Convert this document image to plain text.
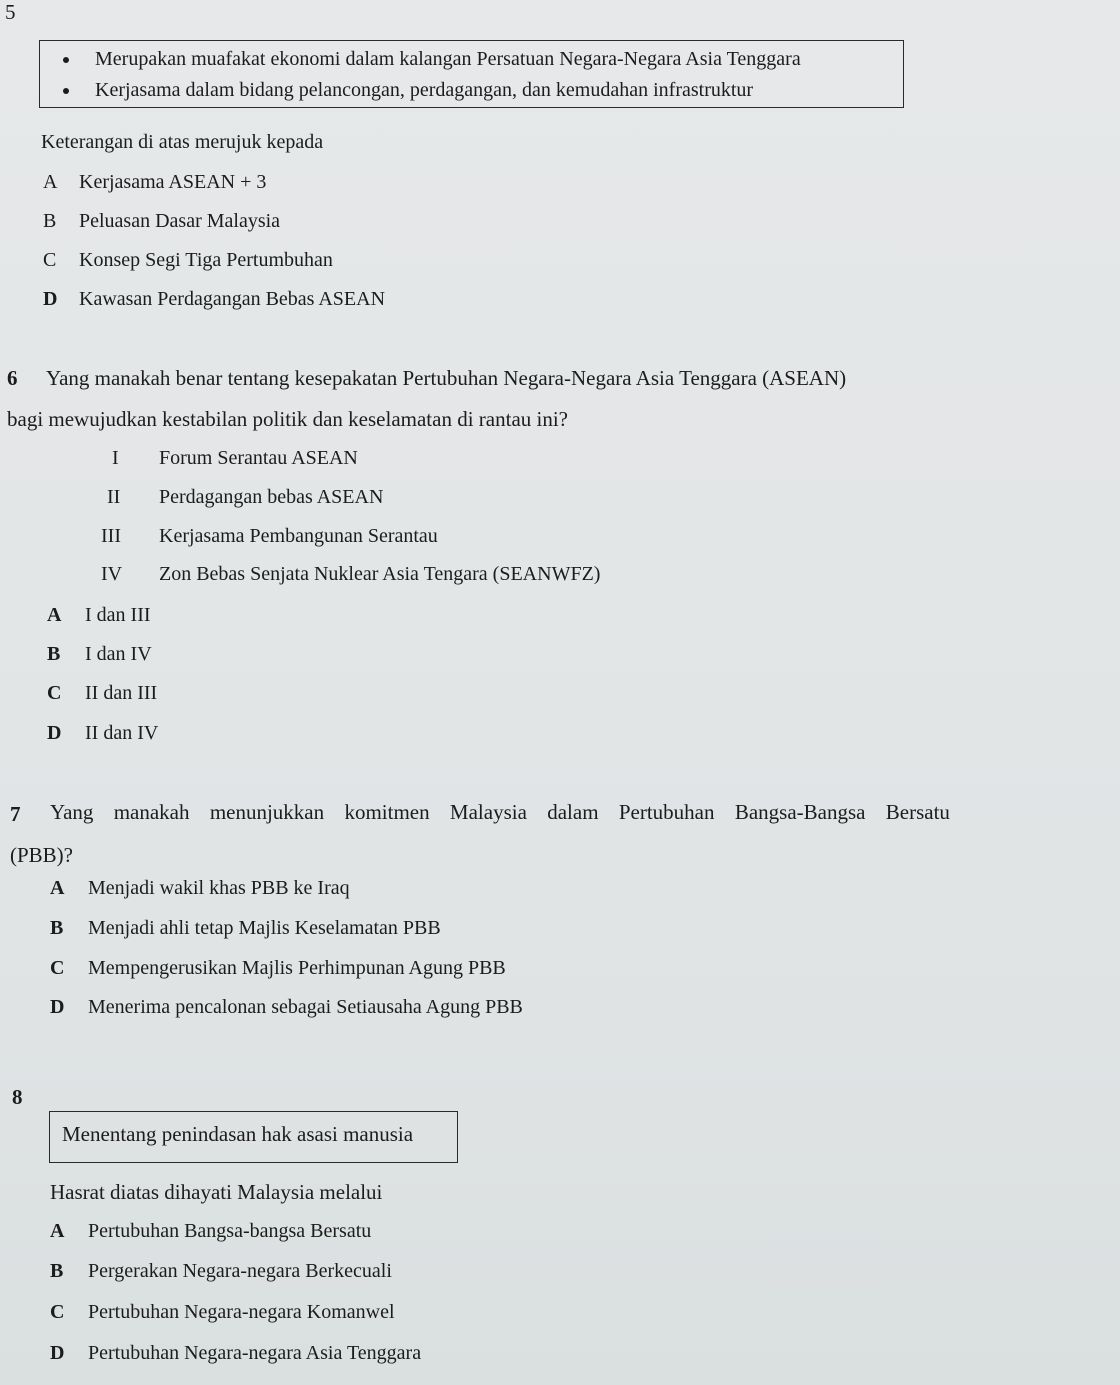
5
Merupakan muafakat ekonomi dalam kalangan Persatuan Negara-Negara Asia Tenggara
Kerjasama dalam bidang pelancongan, perdagangan, dan kemudahan infrastruktur
Keterangan di atas merujuk kepada
A Kerjasama ASEAN + 3
B Peluasan Dasar Malaysia
C Konsep Segi Tiga Pertumbuhan
D Kawasan Perdagangan Bebas ASEAN
6 Yang manakah benar tentang kesepakatan Pertubuhan Negara-Negara Asia Tenggara (ASEAN)
bagi mewujudkan kestabilan politik dan keselamatan di rantau ini?
I Forum Serantau ASEAN
II Perdagangan bebas ASEAN
III Kerjasama Pembangunan Serantau
IV Zon Bebas Senjata Nuklear Asia Tengara (SEANWFZ)
A I dan III
B I dan IV
C II dan III
D II dan IV
7 Yang manakah menunjukkan komitmen Malaysia dalam Pertubuhan Bangsa-Bangsa Bersatu
(PBB)?
A Menjadi wakil khas PBB ke Iraq
B Menjadi ahli tetap Majlis Keselamatan PBB
C Mempengerusikan Majlis Perhimpunan Agung PBB
D Menerima pencalonan sebagai Setiausaha Agung PBB
8
Menentang penindasan hak asasi manusia
Hasrat diatas dihayati Malaysia melalui
A Pertubuhan Bangsa-bangsa Bersatu
B Pergerakan Negara-negara Berkecuali
C Pertubuhan Negara-negara Komanwel
D Pertubuhan Negara-negara Asia Tenggara
